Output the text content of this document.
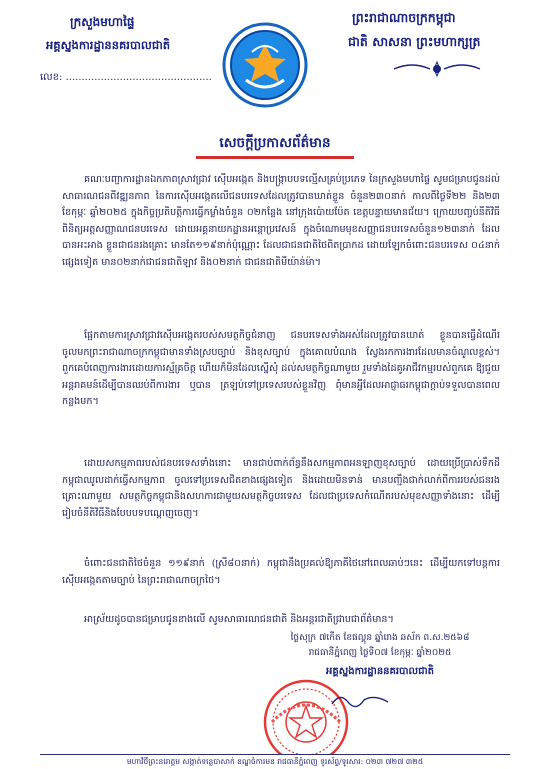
ក្រសួងមហាផ្ទៃ
អគ្គស្នងការដ្ឋាននគរបាលជាតិ
លេខ: ..............................................
ព្រះរាជាណាចក្រកម្ពុជា
ជាតិ សាសនា ព្រះមហាក្សត្រ
សេចក្ដីប្រកាសព័ត៌មាន
គណៈបញ្ជាការដ្ឋានឯកភាពស្រាវជ្រាវ ស៊ើបអង្កេត និងបង្ក្រាបបទល្មើសគ្រប់ប្រភេទ នៃក្រសួងមហាផ្ទៃ សូមជម្រាបជូនដល់សាធារណជនពីវឌ្ឍនភាព នៃការស៊ើបអង្កេតលើជនបរទេសដែលត្រូវបានឃាត់ខ្លួន ចំនួន២៣០នាក់ កាលពីថ្ងៃទី២២ និង២៣ ខែកុម្ភៈ ឆ្នាំ២០២៥ ក្នុងកិច្ចប្រតិបត្តិការធ្វើកម្លាំងចំនួន ០២កន្លែង នៅក្រុងប៉ោយប៉ែត ខេត្តបន្ទាយមានជ័យ។ ក្រោយបញ្ចប់នីតិវិធីពិនិត្យអត្តសញ្ញាណជនបរទេស ដោយអគ្គនាយកដ្ឋានអន្តោប្រវេសន៍ ក្នុងចំណោមមុខសញ្ញាជនបរទេសចំនួន១២៣នាក់ ដែលបានអះអាង ខ្លួនជាជនរងគ្រោះ មានតែ១១៩នាក់ប៉ុណ្ណោះ ដែលជាជនជាតិថៃពិតប្រាកដ ដោយឡែកចំពោះជនបរទេស ០៤នាក់ផ្សេងទៀត មាន០២នាក់ជាជនជាតិឡាវ និង០២នាក់ ជាជនជាតិមីយ៉ាន់ម៉ា។
ផ្អែកតាមការស្រាវជ្រាវស៊ើបអង្កេតរបស់សមត្ថកិច្ចជំនាញ ជនបរទេសទាំងអស់ដែលត្រូវបានឃាត់ ខ្លួនបានធ្វើដំណើរចូលមកព្រះរាជាណាចក្រកម្ពុជាមានទាំងស្របច្បាប់ និងខុសច្បាប់ ក្នុងគោលបំណង ស្វែងរកការងារដែលមានចំណូលខ្ពស់។ ពួកគេបំពេញការងារដោយការស្ម័គ្រចិត្ត ហើយក៏មិនដែលស្នើសុំ ដល់សមត្ថកិច្ចណាមួយ រួមទាំងដៃគូអាជីវកម្មរបស់ពួកគេ ឱ្យជួយអន្តរាគមន៍ដើម្បីបានឈប់ពីការងារ ឬបាន ត្រឡប់ទៅប្រទេសរបស់ខ្លួនវិញ ពុំមានអ្វីដែលអាជ្ញាធរកម្ពុជាក្ដាប់ទទួលបានពេលកន្លងមក។
ដោយសកម្មភាពរបស់ជនបរទេសទាំងនោះ មានជាប់ពាក់ព័ន្ធនឹងសកម្មភាពអនឡាញខុសច្បាប់ ដោយប្រើប្រាស់ទឹកដីកម្ពុជាឈូលដាក់ធ្វើសកម្មភាព ចូលទៅប្រទេសជិតខាងផ្សេងទៀត និងដោយមិនទាន់ មានបញ្ជឹងជាក់លាក់ពីការរបស់ជនរងគ្រោះណាមួយ សមត្ថកិច្ចកម្ពុជានិងសហការជាមួយសមត្ថកិច្ចបរទេស ដែលជាប្រទេសកំណើតរបស់មុខសញ្ញាទាំងនោះ ដើម្បីរៀបចំនីតិវិធីនិងបែបបទបណ្ដេញចេញ។
ចំពោះជនជាតិថៃចំនួន ១១៩នាក់ (ស្រី៨០នាក់) កម្ពុជានឹងប្រគល់ឱ្យភាគីថៃនៅពេលឆាប់ៗនេះ ដើម្បីយកទៅបន្តការស៊ើបអង្កេតតាមច្បាប់ នៃព្រះរាជាណាចក្រថៃ។
អាស្រ័យដូចបានជម្រាបជូនខាងលើ សូមសាធារណជនជាតិ និងអន្តរជាតិជ្រាបជាព័ត៌មាន។
ថ្ងៃសុក្រ ៧កើត ខែផល្គុន ឆ្នាំរោង ឆស័ក ព.ស.២៥៦៨
រាជធានីភ្នំពេញ ថ្ងៃទី០៧ ខែកុម្ភៈ ឆ្នាំ២០២៥
អគ្គស្នងការដ្ឋាននគរបាលជាតិ
មហាវិថីព្រះនរោត្តម សង្កាត់ទន្លេបាសាក់ ខណ្ឌចំការមន រាជធានីភ្នំពេញ ទូរស័ព្ទ/ទូរសារ: ០២៣ ៧២៧ ៣២៥
